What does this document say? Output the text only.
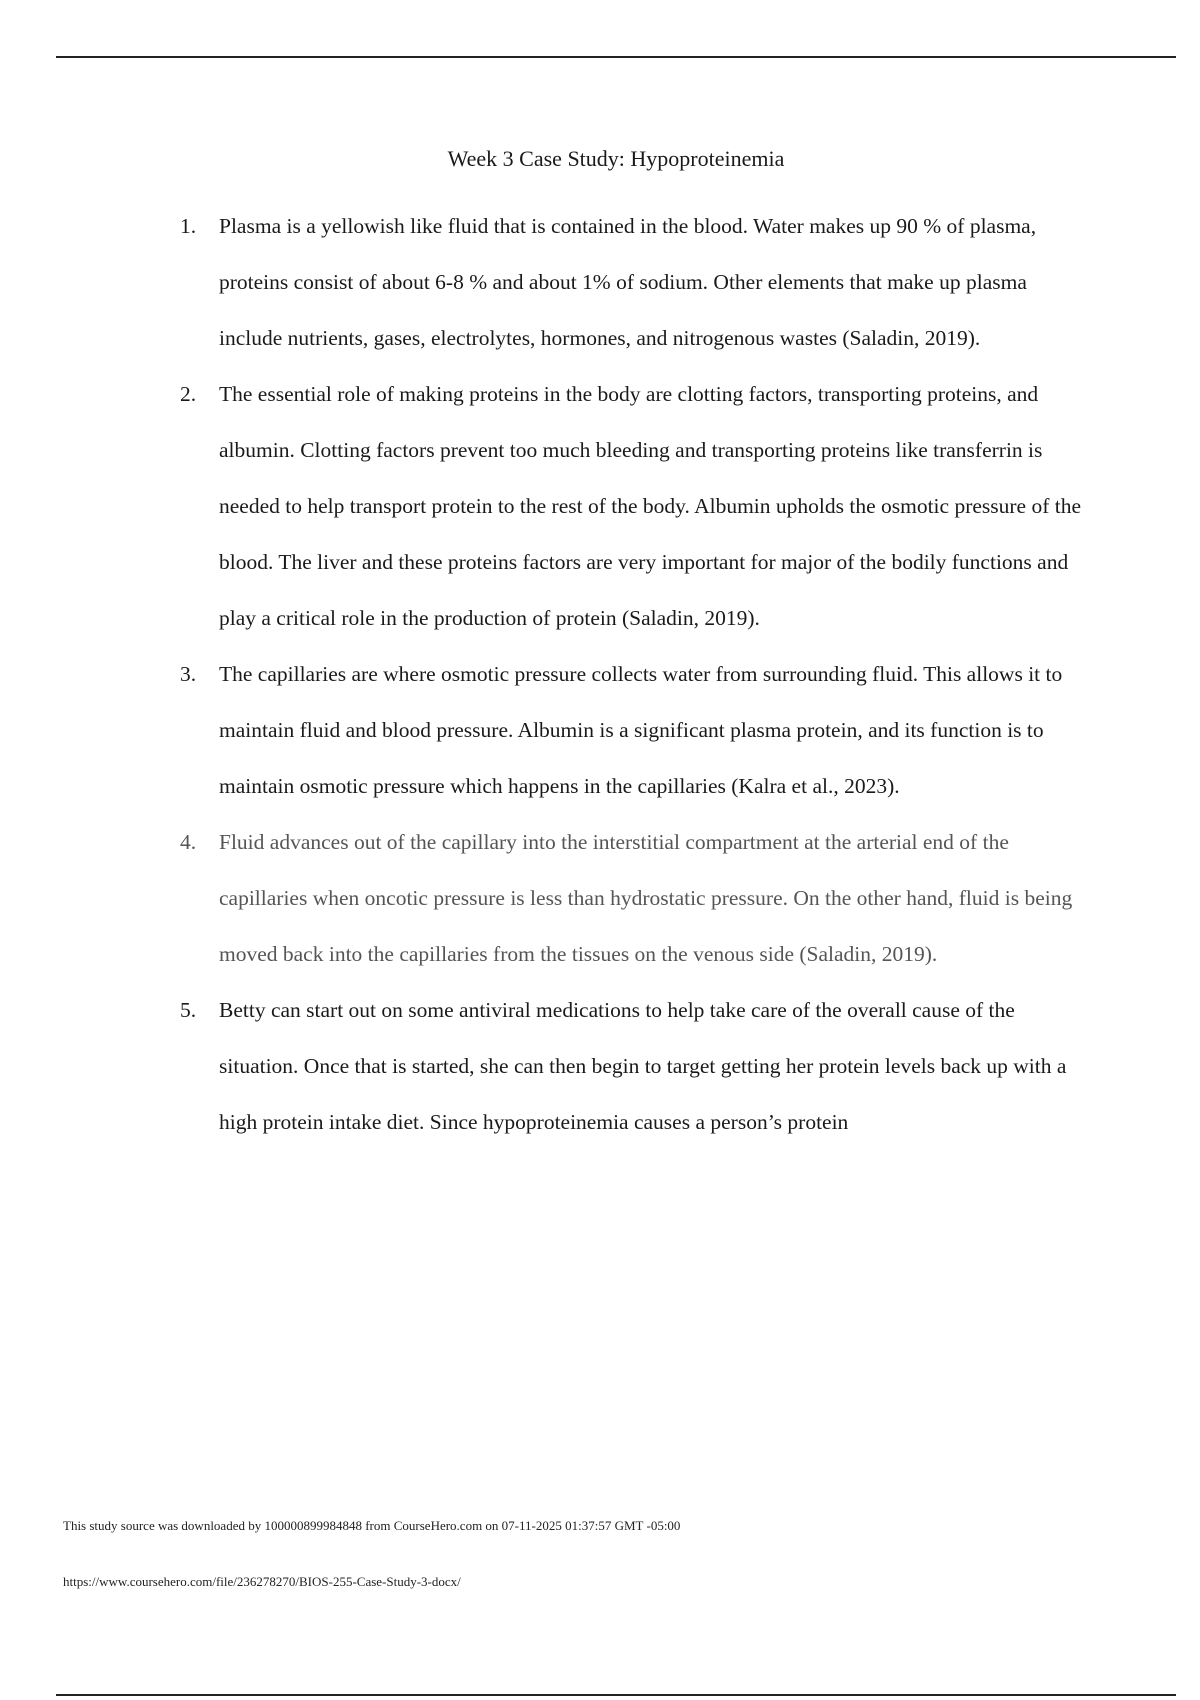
Week 3 Case Study: Hypoproteinemia
1. Plasma is a yellowish like fluid that is contained in the blood. Water makes up 90 % of plasma, proteins consist of about 6-8 % and about 1% of sodium. Other elements that make up plasma include nutrients, gases, electrolytes, hormones, and nitrogenous wastes (Saladin, 2019).
2. The essential role of making proteins in the body are clotting factors, transporting proteins, and albumin. Clotting factors prevent too much bleeding and transporting proteins like transferrin is needed to help transport protein to the rest of the body. Albumin upholds the osmotic pressure of the blood. The liver and these proteins factors are very important for major of the bodily functions and play a critical role in the production of protein (Saladin, 2019).
3. The capillaries are where osmotic pressure collects water from surrounding fluid. This allows it to maintain fluid and blood pressure. Albumin is a significant plasma protein, and its function is to maintain osmotic pressure which happens in the capillaries (Kalra et al., 2023).
4. Fluid advances out of the capillary into the interstitial compartment at the arterial end of the capillaries when oncotic pressure is less than hydrostatic pressure. On the other hand, fluid is being moved back into the capillaries from the tissues on the venous side (Saladin, 2019).
5. Betty can start out on some antiviral medications to help take care of the overall cause of the situation. Once that is started, she can then begin to target getting her protein levels back up with a high protein intake diet. Since hypoproteinemia causes a person’s protein
This study source was downloaded by 100000899984848 from CourseHero.com on 07-11-2025 01:37:57 GMT -05:00
https://www.coursehero.com/file/236278270/BIOS-255-Case-Study-3-docx/
